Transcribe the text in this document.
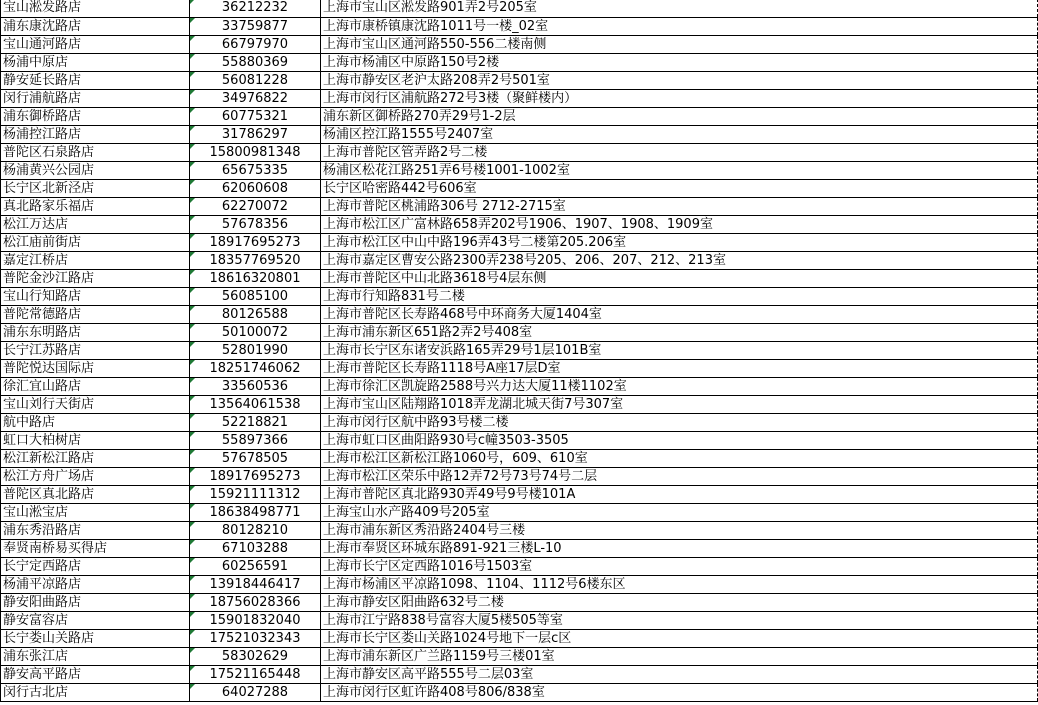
宝山淞发路店	36212232	上海市宝山区淞发路901弄2号205室
浦东康沈路店	33759877	上海市康桥镇康沈路1011号一楼_02室
宝山通河路店	66797970	上海市宝山区通河路550-556二楼南侧
杨浦中原店	55880369	上海市杨浦区中原路150号2楼
静安延长路店	56081228	上海市静安区老沪太路208弄2号501室
闵行浦航路店	34976822	上海市闵行区浦航路272号3楼（聚鲜楼内）
浦东御桥路店	60775321	浦东新区御桥路270弄29号1-2层
杨浦控江路店	31786297	杨浦区控江路1555号2407室
普陀区石泉路店	15800981348	上海市普陀区管弄路2号二楼
杨浦黄兴公园店	65675335	杨浦区松花江路251弄6号楼1001-1002室
长宁区北新泾店	62060608	长宁区哈密路442号606室
真北路家乐福店	62270072	上海市普陀区桃浦路306号 2712-2715室
松江万达店	57678356	上海市松江区广富林路658弄202号1906、1907、1908、1909室
松江庙前街店	18917695273	上海市松江区中山中路196弄43号二楼第205.206室
嘉定江桥店	18357769520	上海市嘉定区曹安公路2300弄238号205、206、207、212、213室
普陀金沙江路店	18616320801	上海市普陀区中山北路3618号4层东侧
宝山行知路店	56085100	上海市行知路831号二楼
普陀常德路店	80126588	上海市普陀区长寿路468号中环商务大厦1404室
浦东东明路店	50100072	上海市浦东新区651路2弄2号408室
长宁江苏路店	52801990	上海市长宁区东诸安浜路165弄29号1层101B室
普陀悦达国际店	18251746062	上海市普陀区长寿路1118号A座17层D室
徐汇宜山路店	33560536	上海市徐汇区凯旋路2588号兴力达大厦11楼1102室
宝山刘行天街店	13564061538	上海市宝山区陆翔路1018弄龙湖北城天街7号307室
航中路店	52218821	上海市闵行区航中路93号楼二楼
虹口大柏树店	55897366	上海市虹口区曲阳路930号c幢3503-3505
松江新松江路店	57678505	上海市松江区新松江路1060号，609、610室
松江方舟广场店	18917695273	上海市松江区荣乐中路12弄72号73号74号二层
普陀区真北路店	15921111312	上海市普陀区真北路930弄49号9号楼101A
宝山淞宝店	18638498771	上海宝山水产路409号205室
浦东秀沿路店	80128210	上海市浦东新区秀沿路2404号三楼
奉贤南桥易买得店	67103288	上海市奉贤区环城东路891-921三楼L-10
长宁定西路店	60256591	上海市长宁区定西路1016号1503室
杨浦平凉路店	13918446417	上海市杨浦区平凉路1098、1104、1112号6楼东区
静安阳曲路店	18756028366	上海市静安区阳曲路632号二楼
静安富容店	15901832040	上海市江宁路838号富容大厦5楼505等室
长宁娄山关路店	17521032343	上海市长宁区娄山关路1024号地下一层c区
浦东张江店	58302629	上海市浦东新区广兰路1159号三楼01室
静安高平路店	17521165448	上海市静安区高平路555号二层03室
闵行古北店	64027288	上海市闵行区虹许路408号806/838室
